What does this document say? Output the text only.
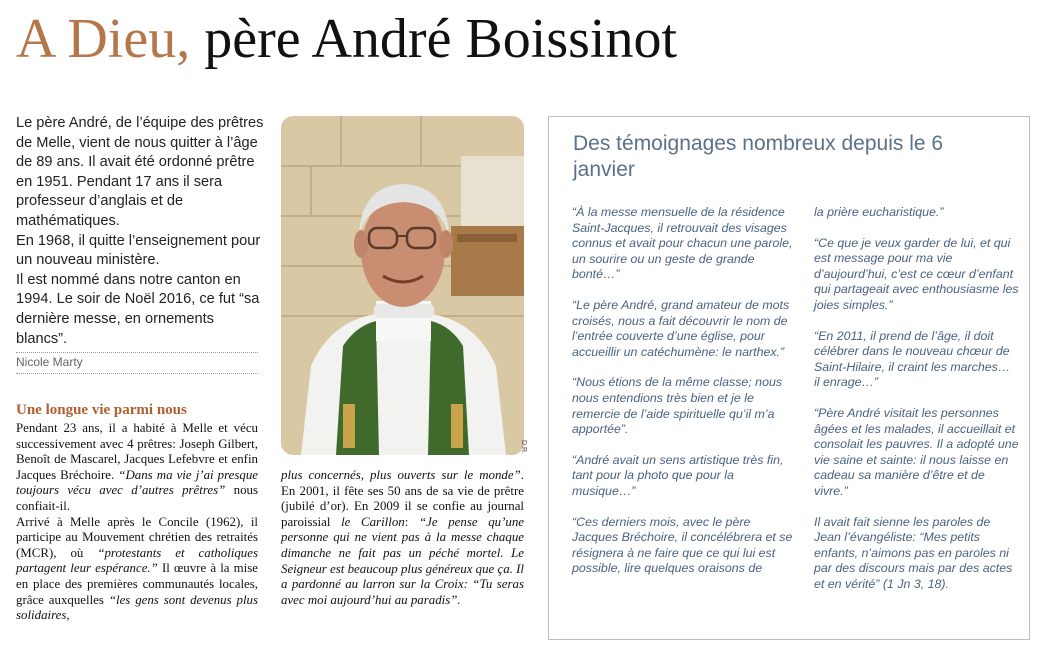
A Dieu, père André Boissinot

Le père André, de l’équipe des prêtres de Melle, vient de nous quitter à l’âge de 89 ans. Il avait été ordonné prêtre en 1951. Pendant 17 ans il sera professeur d’anglais et de mathématiques.

En 1968, il quitte l’enseignement pour un nouveau ministère.

Il est nommé dans notre canton en 1994. Le soir de Noël 2016, ce fut “sa dernière messe, en ornements blancs”.

Nicole Marty
Une longue vie parmi nous

Pendant 23 ans, il a habité à Melle et vécu successivement avec 4 prêtres: Joseph Gilbert, Benoît de Mascarel, Jacques Lefebvre et enfin Jacques Bréchoire. “Dans ma vie j’ai presque toujours vécu avec d’autres prêtres” nous confiait-il.

Arrivé à Melle après le Concile (1962), il participe au Mouvement chrétien des retraités (MCR), où “protestants et catholiques partagent leur espérance.” Il œuvre à la mise en place des premières communautés locales, grâce auxquelles “les gens sont devenus plus solidaires,

plus concernés, plus ouverts sur le monde”. En 2001, il fête ses 50 ans de sa vie de prêtre (jubilé d’or). En 2009 il se confie au journal paroissial le Carillon: “Je pense qu’une personne qui ne vient pas à la messe chaque dimanche ne fait pas un péché mortel. Le Seigneur est beaucoup plus généreux que ça. Il a pardonné au larron sur la Croix: “Tu seras avec moi aujourd’hui au paradis”.

D.R.
Des témoignages nombreux depuis le 6 janvier

“À la messe mensuelle de la résidence Saint-Jacques, il retrouvait des visages connus et avait pour chacun une parole, un sourire ou un geste de grande bonté…”

“Le père André, grand amateur de mots croisés, nous a fait découvrir le nom de l’entrée couverte d’une église, pour accueillir un catéchumène: le narthex.”

“Nous étions de la même classe; nous nous entendions très bien et je le remercie de l’aide spirituelle qu’il m’a apportée”.

“André avait un sens artistique très fin, tant pour la photo que pour la musique…”

“Ces derniers mois, avec le père Jacques Bréchoire, il concélébrera et se résignera à ne faire que ce qui lui est possible, lire quelques oraisons de

la prière eucharistique.”

“Ce que je veux garder de lui, et qui est message pour ma vie d’aujourd’hui, c’est ce cœur d’enfant qui partageait avec enthousiasme les joies simples.”

“En 2011, il prend de l’âge, il doit célébrer dans le nouveau chœur de Saint-Hilaire, il craint les marches… il enrage…”

“Père André visitait les personnes âgées et les malades, il accueillait et consolait les pauvres. Il a adopté une vie saine et sainte: il nous laisse en cadeau sa manière d’être et de vivre.”

Il avait fait sienne les paroles de Jean l’évangéliste: “Mes petits enfants, n’aimons pas en paroles ni par des discours mais par des actes et en vérité” (1 Jn 3, 18).
